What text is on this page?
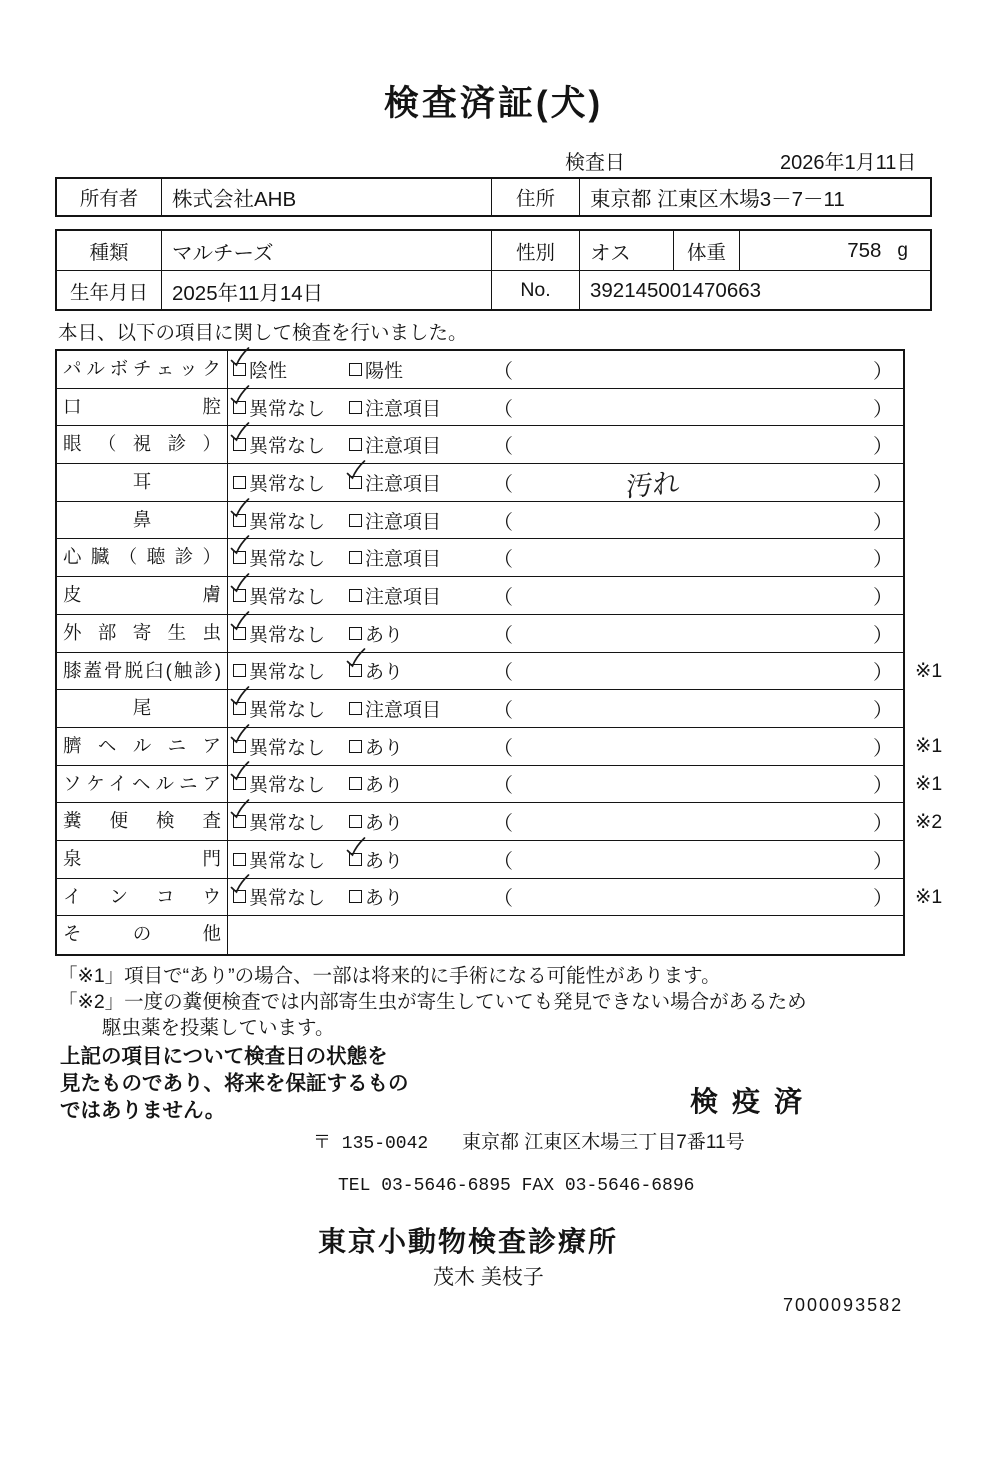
検査済証(犬)
検査日	2026年1月11日
所有者	株式会社AHB	住所	東京都 江東区木場3－7－11
種類	マルチーズ	性別	オス	体重	758 g
生年月日	2025年11月14日	No.	392145001470663
本日、以下の項目に関して検査を行いました。
パルボチェック	陰性	陽性	（	）
口腔	異常なし 注意項目	（	）
眼（視診）	異常なし 注意項目	（	）
耳	異常なし 注意項目	（	汚れ	）
鼻	異常なし 注意項目	（	）
心臓（聴診）	異常なし 注意項目	（	）
皮膚	異常なし 注意項目	（	）
外部寄生虫	異常なし あり	（	）
膝蓋骨脱臼(触診)	異常なし あり	（	） ※1
尾	異常なし 注意項目	（	）
臍ヘルニア	異常なし あり	（	） ※1
ソケイヘルニア	異常なし あり	（	） ※1
糞便検査	異常なし あり	（	） ※2
泉門	異常なし あり	（	）
インコウ	異常なし あり	（	） ※1
その他
「※1」項目で“あり”の場合、一部は将来的に手術になる可能性があります。
「※2」一度の糞便検査では内部寄生虫が寄生していても発見できない場合があるため
駆虫薬を投薬しています。
上記の項目について検査日の状態を
見たものであり、将来を保証するもの
ではありません。	検疫済
〒 135-0042 東京都 江東区木場三丁目7番11号
TEL 03-5646-6895 FAX 03-5646-6896
東京小動物検査診療所
茂木 美枝子
7000093582
